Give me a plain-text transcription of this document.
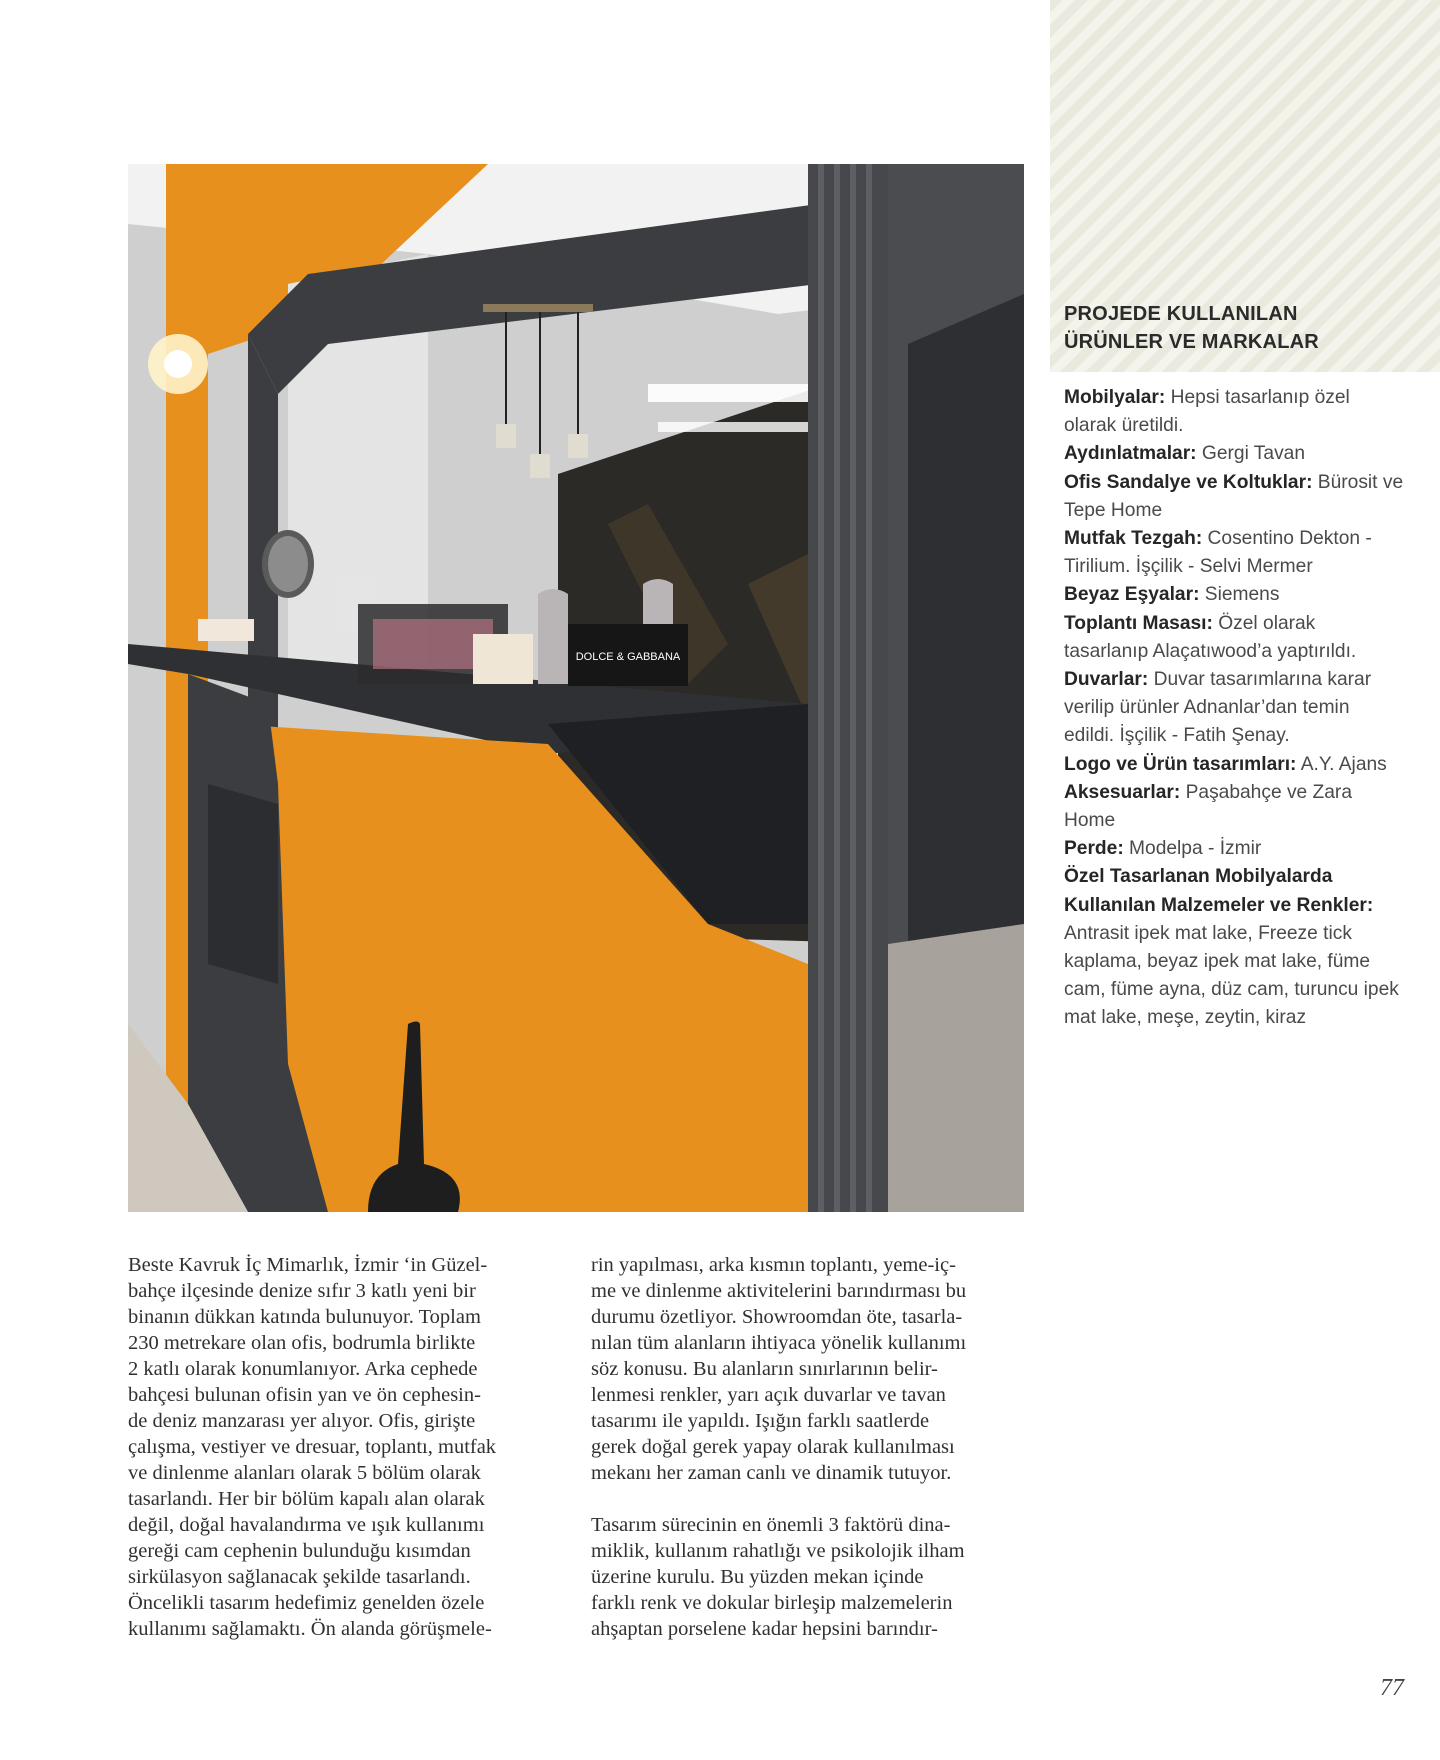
DOLCE & GABBANA
PROJEDE KULLANILAN
ÜRÜNLER VE MARKALAR

Mobilyalar: Hepsi tasarlanıp özel olarak üretildi.

Aydınlatmalar: Gergi Tavan

Ofis Sandalye ve Koltuklar: Bürosit ve Tepe Home

Mutfak Tezgah: Cosentino Dekton - Tirilium. İşçilik - Selvi Mermer

Beyaz Eşyalar: Siemens

Toplantı Masası: Özel olarak tasarlanıp Alaçatıwood’a yaptırıldı.

Duvarlar: Duvar tasarımlarına karar verilip ürünler Adnanlar’dan temin edildi. İşçilik - Fatih Şenay.

Logo ve Ürün tasarımları: A.Y. Ajans

Aksesuarlar: Paşabahçe ve Zara Home

Perde: Modelpa - İzmir

Özel Tasarlanan Mobilyalarda Kullanılan Malzemeler ve Renkler: Antrasit ipek mat lake, Freeze tick kaplama, beyaz ipek mat lake, füme cam, füme ayna, düz cam, turuncu ipek mat lake, meşe, zeytin, kiraz

Beste Kavruk İç Mimarlık, İzmir ‘in Güzel-
bahçe ilçesinde denize sıfır 3 katlı yeni bir
binanın dükkan katında bulunuyor. Toplam
230 metrekare olan ofis, bodrumla birlikte
2 katlı olarak konumlanıyor. Arka cephede
bahçesi bulunan ofisin yan ve ön cephesin-
de deniz manzarası yer alıyor. Ofis, girişte
çalışma, vestiyer ve dresuar, toplantı, mutfak
ve dinlenme alanları olarak 5 bölüm olarak
tasarlandı. Her bir bölüm kapalı alan olarak
değil, doğal havalandırma ve ışık kullanımı
gereği cam cephenin bulunduğu kısımdan
sirkülasyon sağlanacak şekilde tasarlandı.
Öncelikli tasarım hedefimiz genelden özele
kullanımı sağlamaktı. Ön alanda görüşmele-

rin yapılması, arka kısmın toplantı, yeme-iç-
me ve dinlenme aktivitelerini barındırması bu
durumu özetliyor. Showroomdan öte, tasarla-
nılan tüm alanların ihtiyaca yönelik kullanımı
söz konusu. Bu alanların sınırlarının belir-
lenmesi renkler, yarı açık duvarlar ve tavan
tasarımı ile yapıldı. Işığın farklı saatlerde
gerek doğal gerek yapay olarak kullanılması
mekanı her zaman canlı ve dinamik tutuyor.

Tasarım sürecinin en önemli 3 faktörü dina-
miklik, kullanım rahatlığı ve psikolojik ilham
üzerine kurulu. Bu yüzden mekan içinde
farklı renk ve dokular birleşip malzemelerin
ahşaptan porselene kadar hepsini barındır-

77
